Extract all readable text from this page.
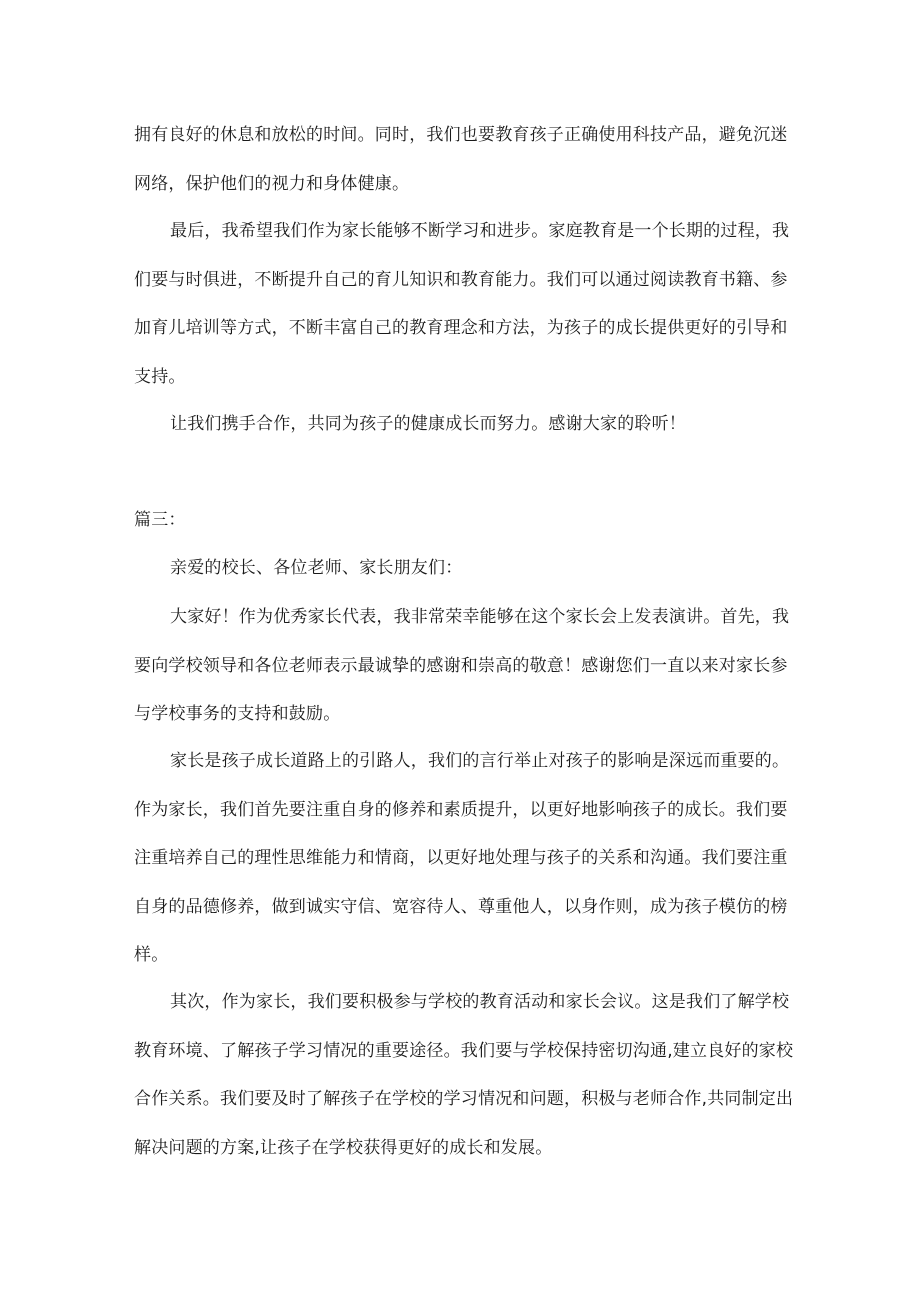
拥有良好的休息和放松的时间。同时，我们也要教育孩子正确使用科技产品，避免沉迷网络，保护他们的视力和身体健康。

最后，我希望我们作为家长能够不断学习和进步。家庭教育是一个长期的过程，我们要与时俱进，不断提升自己的育儿知识和教育能力。我们可以通过阅读教育书籍、参加育儿培训等方式，不断丰富自己的教育理念和方法，为孩子的成长提供更好的引导和支持。

让我们携手合作，共同为孩子的健康成长而努力。感谢大家的聆听！

篇三：

亲爱的校长、各位老师、家长朋友们：

大家好！作为优秀家长代表，我非常荣幸能够在这个家长会上发表演讲。首先，我要向学校领导和各位老师表示最诚挚的感谢和崇高的敬意！感谢您们一直以来对家长参与学校事务的支持和鼓励。

家长是孩子成长道路上的引路人，我们的言行举止对孩子的影响是深远而重要的。作为家长，我们首先要注重自身的修养和素质提升，以更好地影响孩子的成长。我们要注重培养自己的理性思维能力和情商，以更好地处理与孩子的关系和沟通。我们要注重自身的品德修养，做到诚实守信、宽容待人、尊重他人，以身作则，成为孩子模仿的榜样。

其次，作为家长，我们要积极参与学校的教育活动和家长会议。这是我们了解学校教育环境、了解孩子学习情况的重要途径。我们要与学校保持密切沟通,建立良好的家校合作关系。我们要及时了解孩子在学校的学习情况和问题，积极与老师合作,共同制定出解决问题的方案,让孩子在学校获得更好的成长和发展。
